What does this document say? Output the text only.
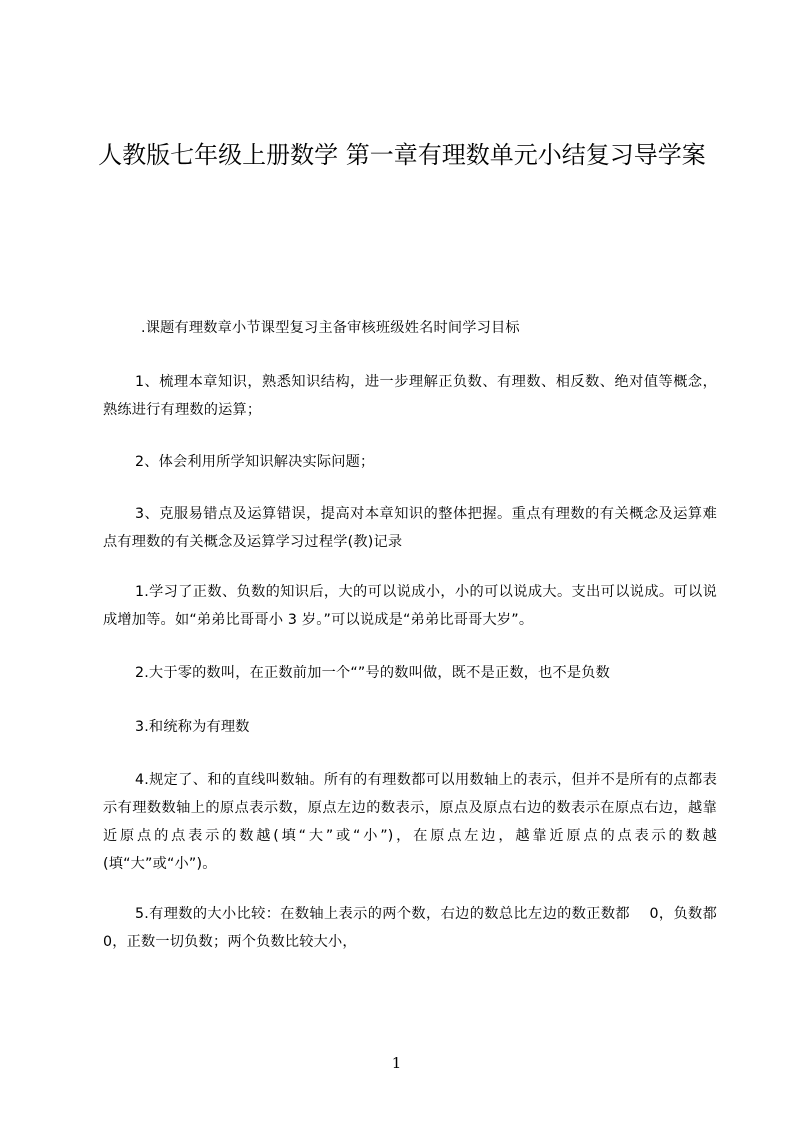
人教版七年级上册数学 第一章有理数单元小结复习导学案
.课题有理数章小节课型复习主备审核班级姓名时间学习目标
1、梳理本章知识，熟悉知识结构，进一步理解正负数、有理数、相反数、绝对值等概念，熟练进行有理数的运算；
2、体会利用所学知识解决实际问题；
3、克服易错点及运算错误，提高对本章知识的整体把握。重点有理数的有关概念及运算难点有理数的有关概念及运算学习过程学(教)记录
1.学习了正数、负数的知识后，大的可以说成小，小的可以说成大。支出可以说成。可以说成增加等。如“弟弟比哥哥小 3 岁。”可以说成是“弟弟比哥哥大岁”。
2.大于零的数叫，在正数前加一个“”号的数叫做，既不是正数，也不是负数
3.和统称为有理数
4.规定了、和的直线叫数轴。所有的有理数都可以用数轴上的表示，但并不是所有的点都表示有理数数轴上的原点表示数，原点左边的数表示，原点及原点右边的数表示在原点右边，越靠近原点的点表示的数越(填“大”或“小”)，在原点左边，越靠近原点的点表示的数越(填“大”或“小”)。
5.有理数的大小比较：在数轴上表示的两个数，右边的数总比左边的数正数都　 0，负数都 0，正数一切负数；两个负数比较大小，
1
